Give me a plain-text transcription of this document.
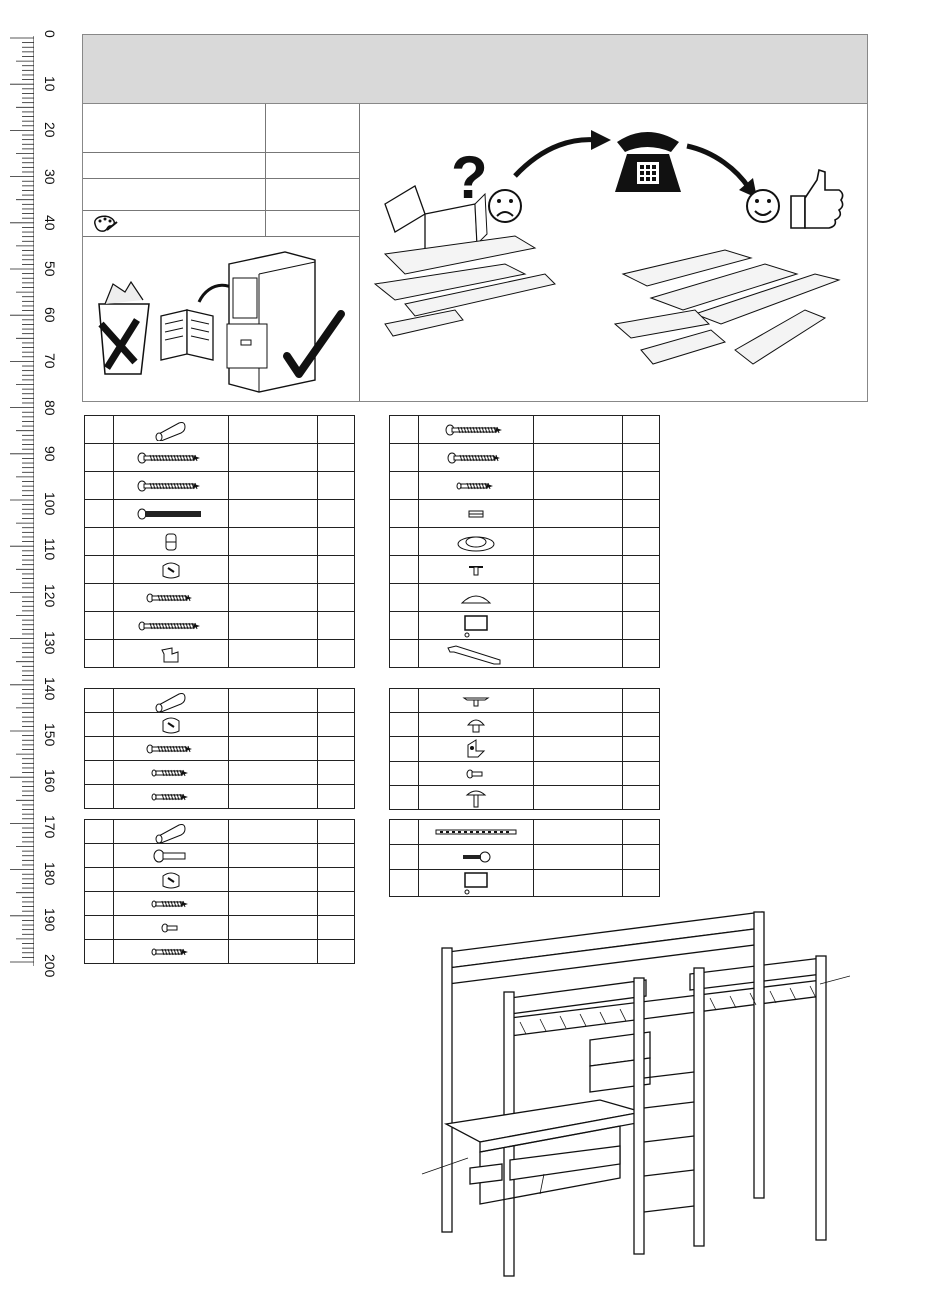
0
10
20
30
40
50
60
70
80
90
100
110
120
130
140
150
160
170
180
190
200
?
